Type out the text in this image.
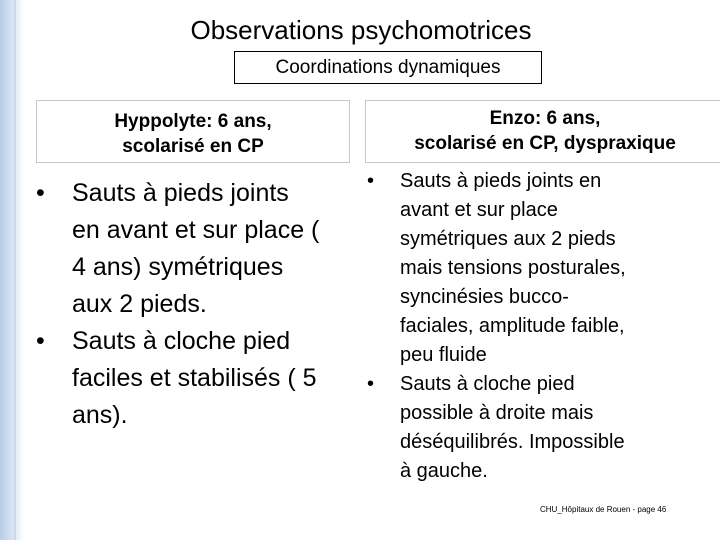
Observations psychomotrices
Coordinations dynamiques
Hyppolyte: 6 ans,
scolarisé en CP
Enzo: 6 ans,
scolarisé en CP, dyspraxique
• Sauts à pieds joints
en avant et sur place (
4 ans) symétriques
aux 2 pieds.
• Sauts à cloche pied
faciles et stabilisés ( 5
ans).
• Sauts à pieds joints en
avant et sur place
symétriques aux 2 pieds
mais tensions posturales,
syncinésies bucco-
faciales, amplitude faible,
peu fluide
• Sauts à cloche pied
possible à droite mais
déséquilibrés. Impossible
à gauche.
CHU_Hôpitaux de Rouen - page 46
